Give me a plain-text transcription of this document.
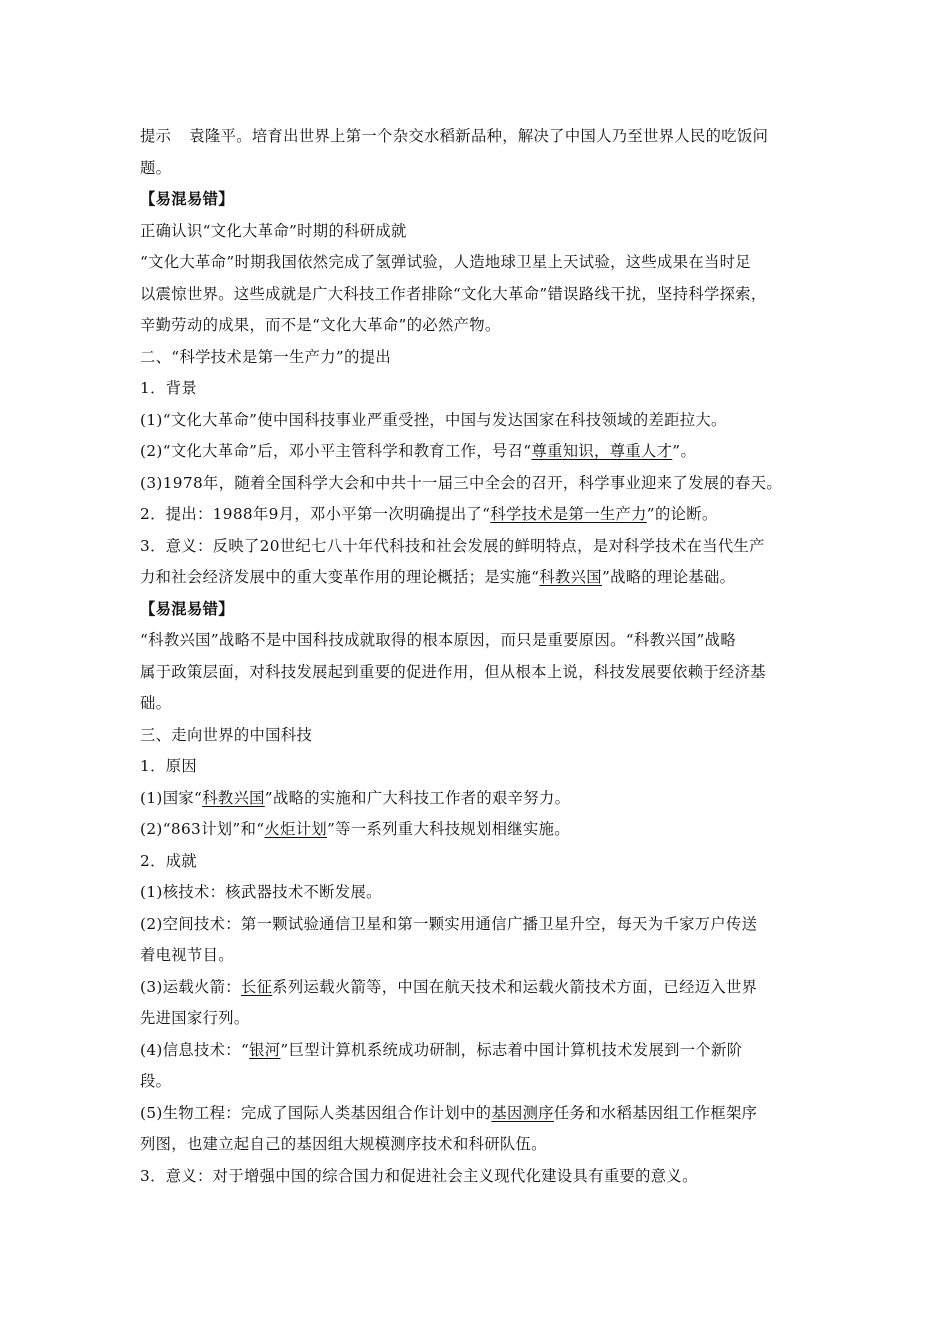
提示 袁隆平。培育出世界上第一个杂交水稻新品种，解决了中国人乃至世界人民的吃饭问
题。
【易混易错】
正确认识“文化大革命”时期的科研成就
“文化大革命”时期我国依然完成了氢弹试验，人造地球卫星上天试验，这些成果在当时足
以震惊世界。这些成就是广大科技工作者排除“文化大革命”错误路线干扰，坚持科学探索，
辛勤劳动的成果，而不是“文化大革命”的必然产物。
二、“科学技术是第一生产力”的提出
1．背景
(1)“文化大革命”使中国科技事业严重受挫，中国与发达国家在科技领域的差距拉大。
(2)“文化大革命”后，邓小平主管科学和教育工作，号召“尊重知识，尊重人才”。
(3)1978年，随着全国科学大会和中共十一届三中全会的召开，科学事业迎来了发展的春天。
2．提出：1988年9月，邓小平第一次明确提出了“科学技术是第一生产力”的论断。
3．意义：反映了20世纪七八十年代科技和社会发展的鲜明特点，是对科学技术在当代生产
力和社会经济发展中的重大变革作用的理论概括；是实施“科教兴国”战略的理论基础。
【易混易错】
“科教兴国”战略不是中国科技成就取得的根本原因，而只是重要原因。“科教兴国”战略
属于政策层面，对科技发展起到重要的促进作用，但从根本上说，科技发展要依赖于经济基
础。
三、走向世界的中国科技
1．原因
(1)国家“科教兴国”战略的实施和广大科技工作者的艰辛努力。
(2)“863计划”和“火炬计划”等一系列重大科技规划相继实施。
2．成就
(1)核技术：核武器技术不断发展。
(2)空间技术：第一颗试验通信卫星和第一颗实用通信广播卫星升空，每天为千家万户传送
着电视节目。
(3)运载火箭：长征系列运载火箭等，中国在航天技术和运载火箭技术方面，已经迈入世界
先进国家行列。
(4)信息技术：“银河”巨型计算机系统成功研制，标志着中国计算机技术发展到一个新阶
段。
(5)生物工程：完成了国际人类基因组合作计划中的基因测序任务和水稻基因组工作框架序
列图，也建立起自己的基因组大规模测序技术和科研队伍。
3．意义：对于增强中国的综合国力和促进社会主义现代化建设具有重要的意义。
